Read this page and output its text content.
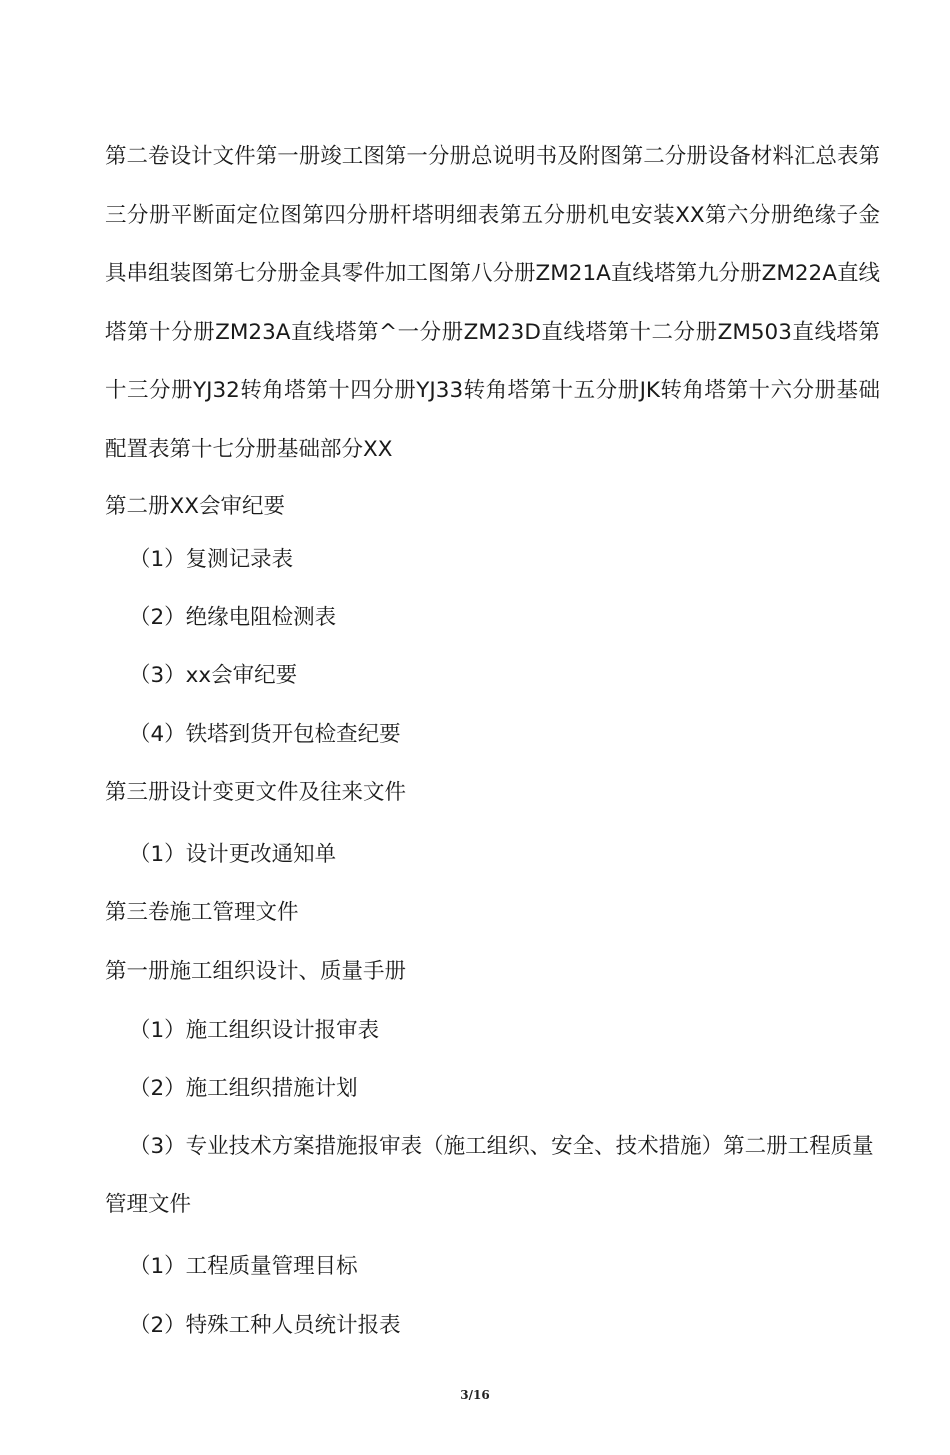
第二卷设计文件第一册竣工图第一分册总说明书及附图第二分册设备材料汇总表第三分册平断面定位图第四分册杆塔明细表第五分册机电安装XX第六分册绝缘子金具串组装图第七分册金具零件加工图第八分册ZM21A直线塔第九分册ZM22A直线塔第十分册ZM23A直线塔第^一分册ZM23D直线塔第十二分册ZM503直线塔第十三分册YJ32转角塔第十四分册YJ33转角塔第十五分册JK转角塔第十六分册基础配置表第十七分册基础部分XX

第二册XX会审纪要

（1）复测记录表

（2）绝缘电阻检测表

（3）xx会审纪要

（4）铁塔到货开包检查纪要

第三册设计变更文件及往来文件

（1）设计更改通知单

第三卷施工管理文件

第一册施工组织设计、质量手册

（1）施工组织设计报审表

（2）施工组织措施计划

（3）专业技术方案措施报审表（施工组织、安全、技术措施）第二册工程质量管理文件

（1）工程质量管理目标

（2）特殊工种人员统计报表

3/16
